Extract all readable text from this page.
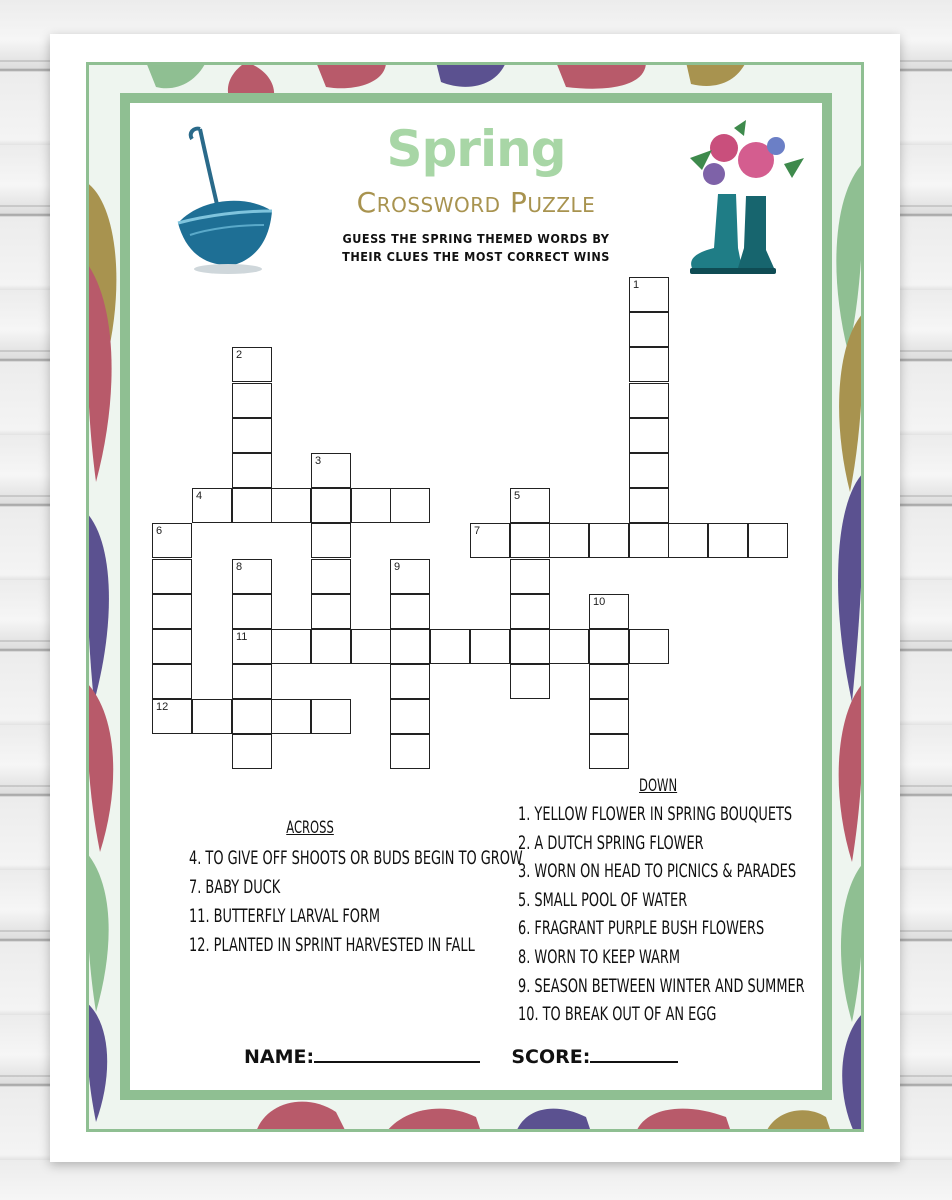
Spring
Crossword Puzzle
GUESS THE SPRING THEMED WORDS BY
THEIR CLUES THE MOST CORRECT WINS
1
2
3
4	5
7
6
8	9
10
11
12
ACROSS
4. TO GIVE OFF SHOOTS OR BUDS BEGIN TO GROW
7. BABY DUCK
11. BUTTERFLY LARVAL FORM
12. PLANTED IN SPRINT HARVESTED IN FALL
DOWN
1. YELLOW FLOWER IN SPRING BOUQUETS
2. A DUTCH SPRING FLOWER
3. WORN ON HEAD TO PICNICS & PARADES
5. SMALL POOL OF WATER
6. FRAGRANT PURPLE BUSH FLOWERS
8. WORN TO KEEP WARM
9. SEASON BETWEEN WINTER AND SUMMER
10. TO BREAK OUT OF AN EGG
NAME:	SCORE:
